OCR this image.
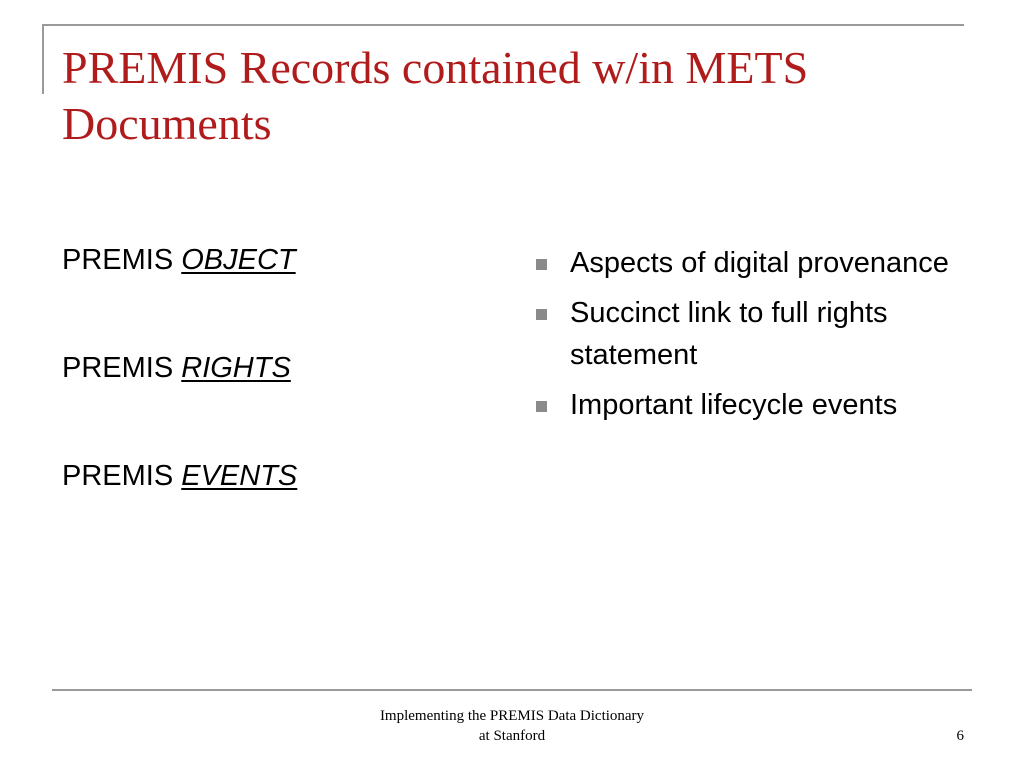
PREMIS Records contained w/in METS Documents
PREMIS OBJECT
PREMIS RIGHTS
PREMIS EVENTS
Aspects of digital provenance
Succinct link to full rights statement
Important lifecycle events
Implementing the PREMIS Data Dictionary
at Stanford	6
